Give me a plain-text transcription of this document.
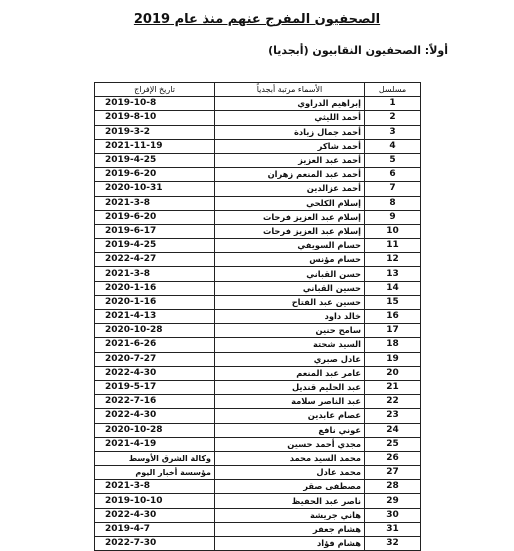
الصحفيون المفرج عنهم منذ عام 2019
أولاً: الصحفيون النقابيون (أبجديا)
مسلسل	الأسماء مرتبة أبجدياً	تاريخ الإفراج
1	إبراهيم الدراوي	2019-10-8
2	أحمد الليثي	2019-8-10
3	أحمد جمال زيادة	2019-3-2
4	أحمد شاكر	2021-11-19
5	أحمد عبد العزيز	2019-4-25
6	أحمد عبد المنعم زهران	2019-6-20
7	أحمد عزالدين	2020-10-31
8	إسلام الكلحي	2021-3-8
9	إسلام عبد العزيز فرحات	2019-6-20
10	إسلام عبد العزيز فرحات	2019-6-17
11	حسام السويفي	2019-4-25
12	حسام مؤنس	2022-4-27
13	حسن القباني	2021-3-8
14	حسين القباني	2020-1-16
15	حسين عبد الفتاح	2020-1-16
16	خالد داود	2021-4-13
17	سامح حنين	2020-10-28
18	السيد شحتة	2021-6-26
19	عادل صبري	2020-7-27
20	عامر عبد المنعم	2022-4-30
21	عبد الحليم قنديل	2019-5-17
22	عبد الناصر سلامة	2022-7-16
23	عصام عابدين	2022-4-30
24	عوني نافع	2020-10-28
25	مجدي أحمد حسين	2021-4-19
26	محمد السيد محمد	وكالة الشرق الأوسط
27	محمد عادل	مؤسسة أخبار اليوم
28	مصطفى صقر	2021-3-8
29	ناصر عبد الحفيظ	2019-10-10
30	هاني جريشة	2022-4-30
31	هشام جعفر	2019-4-7
32	هشام فؤاد	2022-7-30
